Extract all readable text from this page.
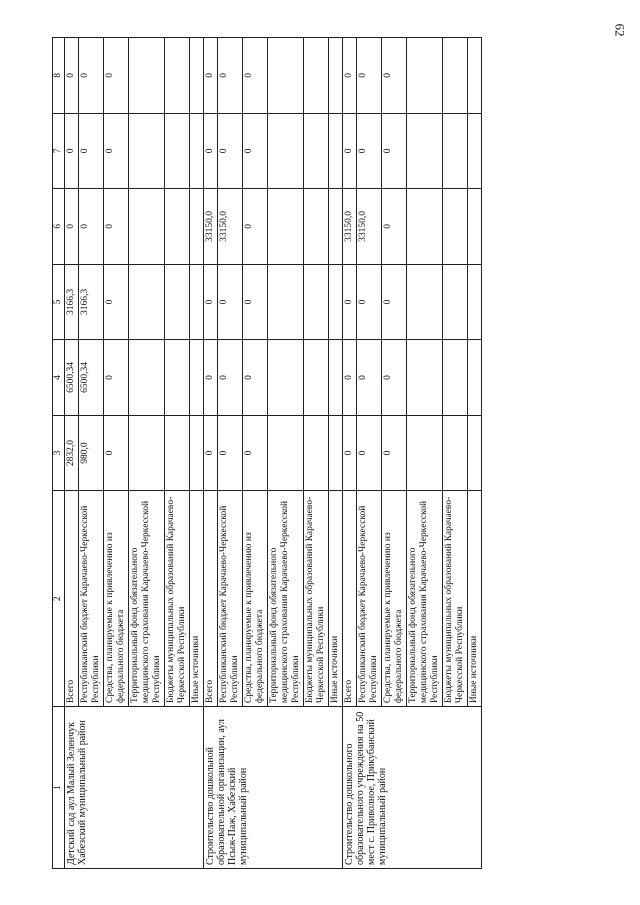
62
1	2	3	4	5	6	7	8
Детский сад аул Малый Зеленчук Хабезский муниципальный район	Всего	2832,0	6500,34	3166,3	0	0	0
	Республиканский бюджет Карачаево-Черкесской Республики	980,0	6500,34	3166,3	0	0	0
	Средства, планируемые к привлечению из федерального бюджета	0	0	0	0	0	0
	Территориальный фонд обязательного медицинского страхования Карачаево-Черкесской Республики						
	Бюджеты муниципальных образований Карачаево-Черкесской Республики						
	Иные источники						
Строительство дошкольной образовательной организации, аул Псыж-Паж, Хабезский муниципальный район	Всего	0	0	0	33150,0	0	0
	Республиканский бюджет Карачаево-Черкесской Республики	0	0	0	33150,0	0	0
	Средства, планируемые к привлечению из федерального бюджета	0	0	0	0	0	0
	Территориальный фонд обязательного медицинского страхования Карачаево-Черкесской Республики						
	Бюджеты муниципальных образований Карачаево-Черкесской Республики						
	Иные источники						
Строительство дошкольного образовательного учреждения на 50 мест с. Приволное, Прикубанский муниципальный район	Всего	0	0	0	33150,0	0	0
	Республиканский бюджет Карачаево-Черкесской Республики	0	0	0	33150,0	0	0
	Средства, планируемые к привлечению из федерального бюджета	0	0	0	0	0	0
	Территориальный фонд обязательного медицинского страхования Карачаево-Черкесской Республики						
	Бюджеты муниципальных образований Карачаево-Черкесской Республики						
	Иные источники						
